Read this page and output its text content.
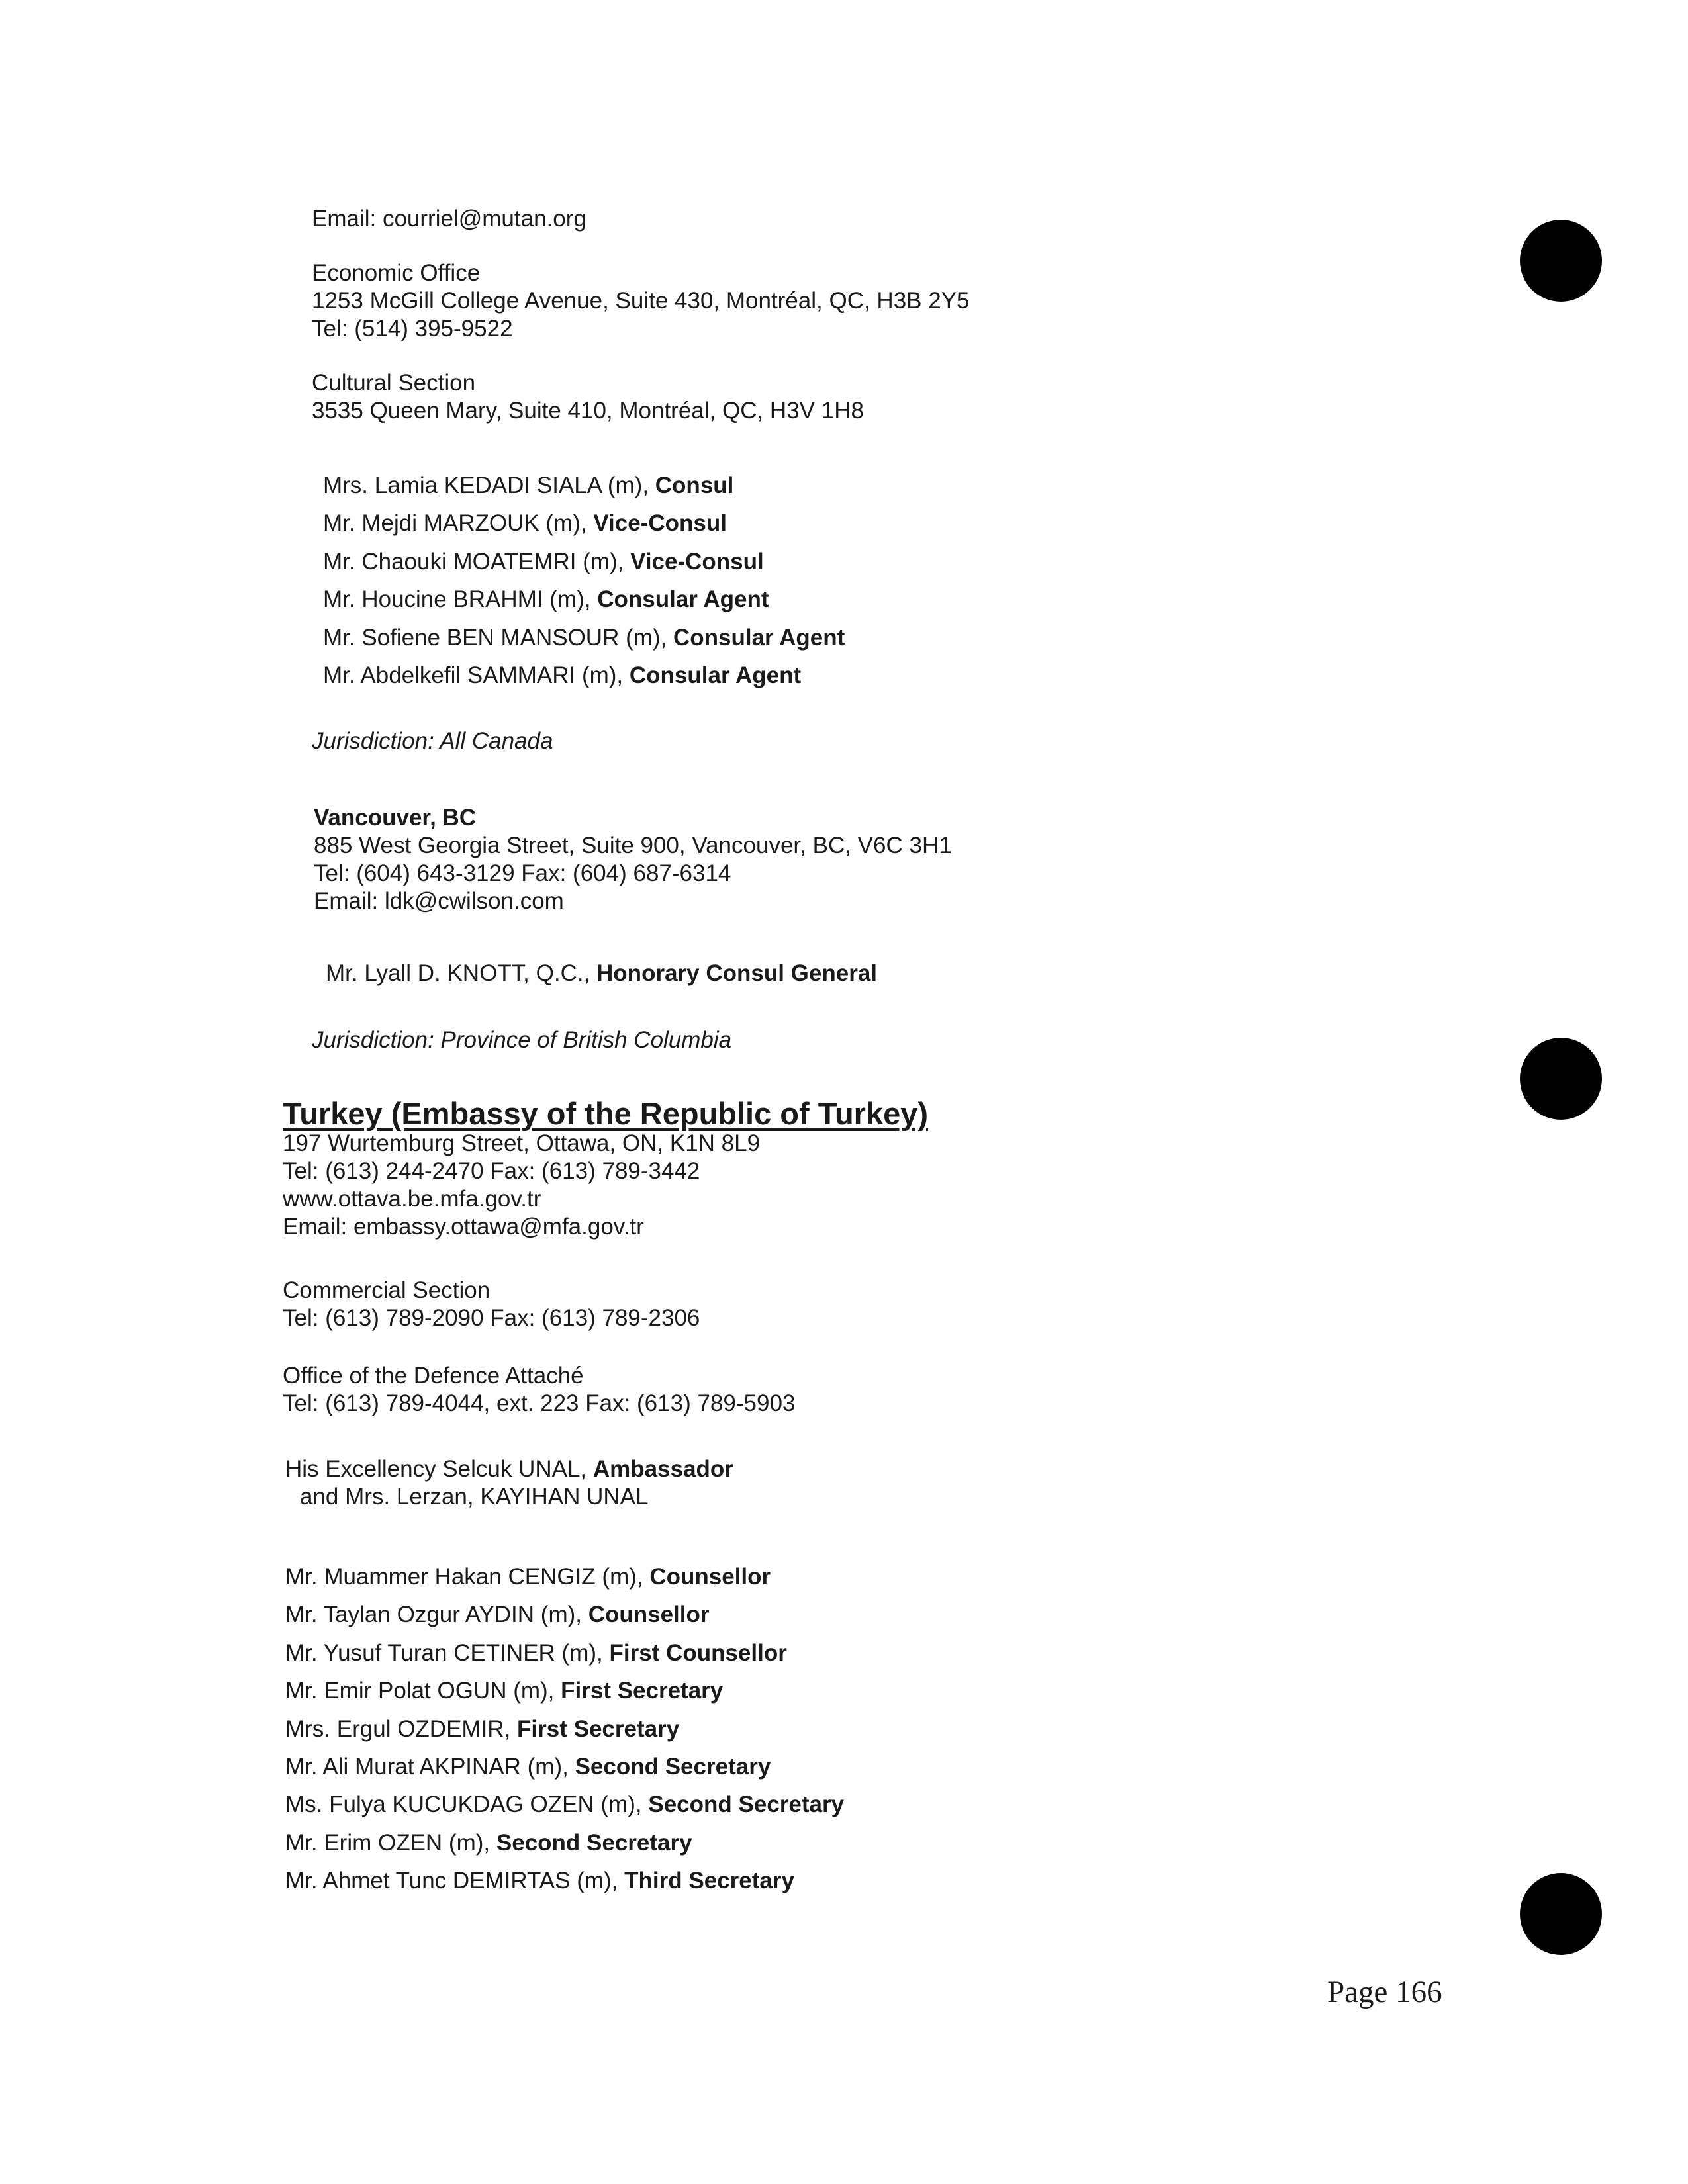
Email: courriel@mutan.org
Economic Office
1253 McGill College Avenue, Suite 430, Montréal, QC, H3B 2Y5
Tel: (514) 395-9522
Cultural Section
3535 Queen Mary, Suite 410, Montréal, QC, H3V 1H8
Mrs. Lamia KEDADI SIALA (m), Consul
Mr. Mejdi MARZOUK (m), Vice-Consul
Mr. Chaouki MOATEMRI (m), Vice-Consul
Mr. Houcine BRAHMI (m), Consular Agent
Mr. Sofiene BEN MANSOUR (m), Consular Agent
Mr. Abdelkefil SAMMARI (m), Consular Agent
Jurisdiction: All Canada
Vancouver, BC
885 West Georgia Street, Suite 900, Vancouver, BC, V6C 3H1
Tel: (604) 643-3129 Fax: (604) 687-6314
Email: ldk@cwilson.com
Mr. Lyall D. KNOTT, Q.C., Honorary Consul General
Jurisdiction: Province of British Columbia
Turkey (Embassy of the Republic of Turkey)
197 Wurtemburg Street, Ottawa, ON, K1N 8L9
Tel: (613) 244-2470 Fax: (613) 789-3442
www.ottava.be.mfa.gov.tr
Email: embassy.ottawa@mfa.gov.tr
Commercial Section
Tel: (613) 789-2090 Fax: (613) 789-2306
Office of the Defence Attaché
Tel: (613) 789-4044, ext. 223 Fax: (613) 789-5903
His Excellency Selcuk UNAL, Ambassador
and Mrs. Lerzan, KAYIHAN UNAL
Mr. Muammer Hakan CENGIZ (m), Counsellor
Mr. Taylan Ozgur AYDIN (m), Counsellor
Mr. Yusuf Turan CETINER (m), First Counsellor
Mr. Emir Polat OGUN (m), First Secretary
Mrs. Ergul OZDEMIR, First Secretary
Mr. Ali Murat AKPINAR (m), Second Secretary
Ms. Fulya KUCUKDAG OZEN (m), Second Secretary
Mr. Erim OZEN (m), Second Secretary
Mr. Ahmet Tunc DEMIRTAS (m), Third Secretary
Page 166
